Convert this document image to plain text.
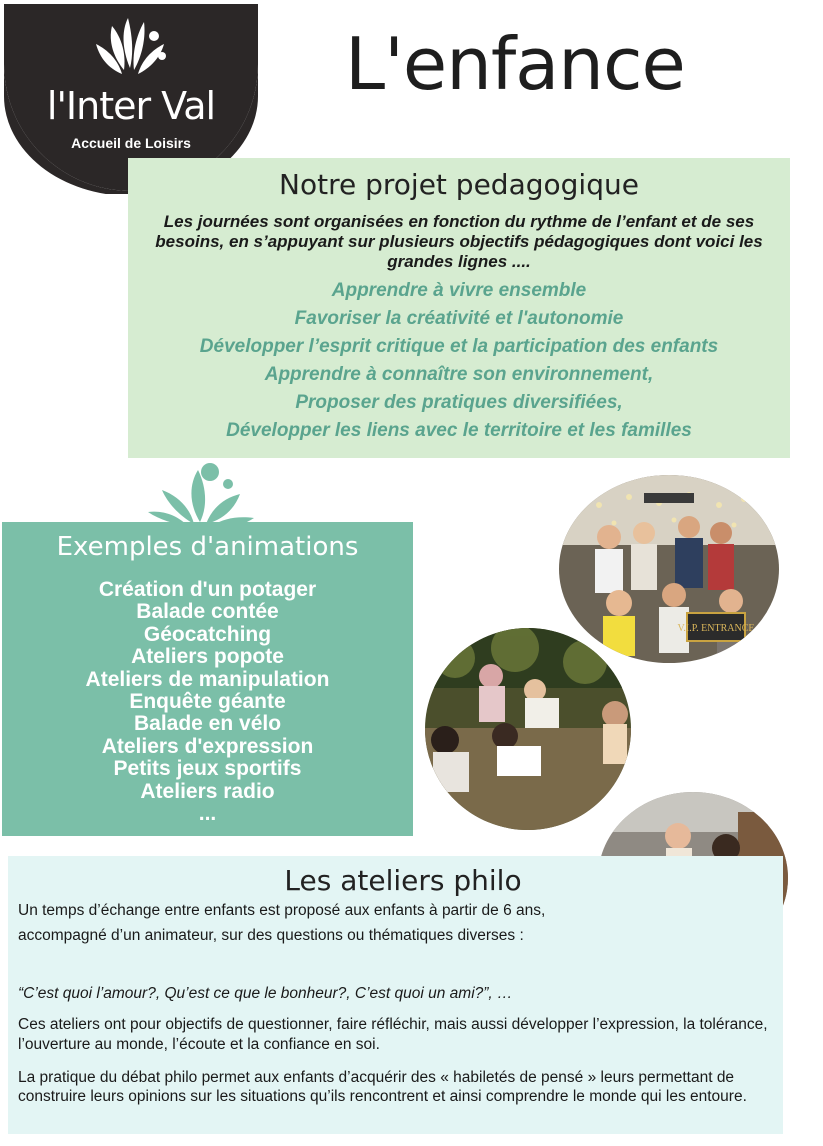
l'Inter Val
Accueil de Loisirs
L'enfance
Notre projet pedagogique
Les journées sont organisées en fonction du rythme de l’enfant et de ses besoins, en s’appuyant sur plusieurs objectifs pédagogiques dont voici les grandes lignes ....
Apprendre à vivre ensemble
Favoriser la créativité et l'autonomie
Développer l’esprit critique et la participation des enfants
Apprendre à connaître son environnement,
Proposer des pratiques diversifiées,
Développer les liens avec le territoire et les familles
Exemples d'animations
Création d'un potager
Balade contée
Géocatching
Ateliers popote
Ateliers de manipulation
Enquête géante
Balade en vélo
Ateliers d'expression
Petits jeux sportifs
Ateliers radio
...
V.I.P. ENTRANCE
Les ateliers philo

Un temps d’échange entre enfants est proposé aux enfants à partir de 6 ans, accompagné d’un animateur, sur des questions ou thématiques diverses :

“C’est quoi l’amour?, Qu’est ce que le bonheur?, C’est quoi un ami?”, …

Ces ateliers ont pour objectifs de questionner, faire réfléchir, mais aussi développer l’expression, la tolérance, l’ouverture au monde, l’écoute et la confiance en soi.

La pratique du débat philo permet aux enfants d’acquérir des « habiletés de pensé » leurs permettant de construire leurs opinions sur les situations qu’ils rencontrent et ainsi comprendre le monde qui les entoure.
